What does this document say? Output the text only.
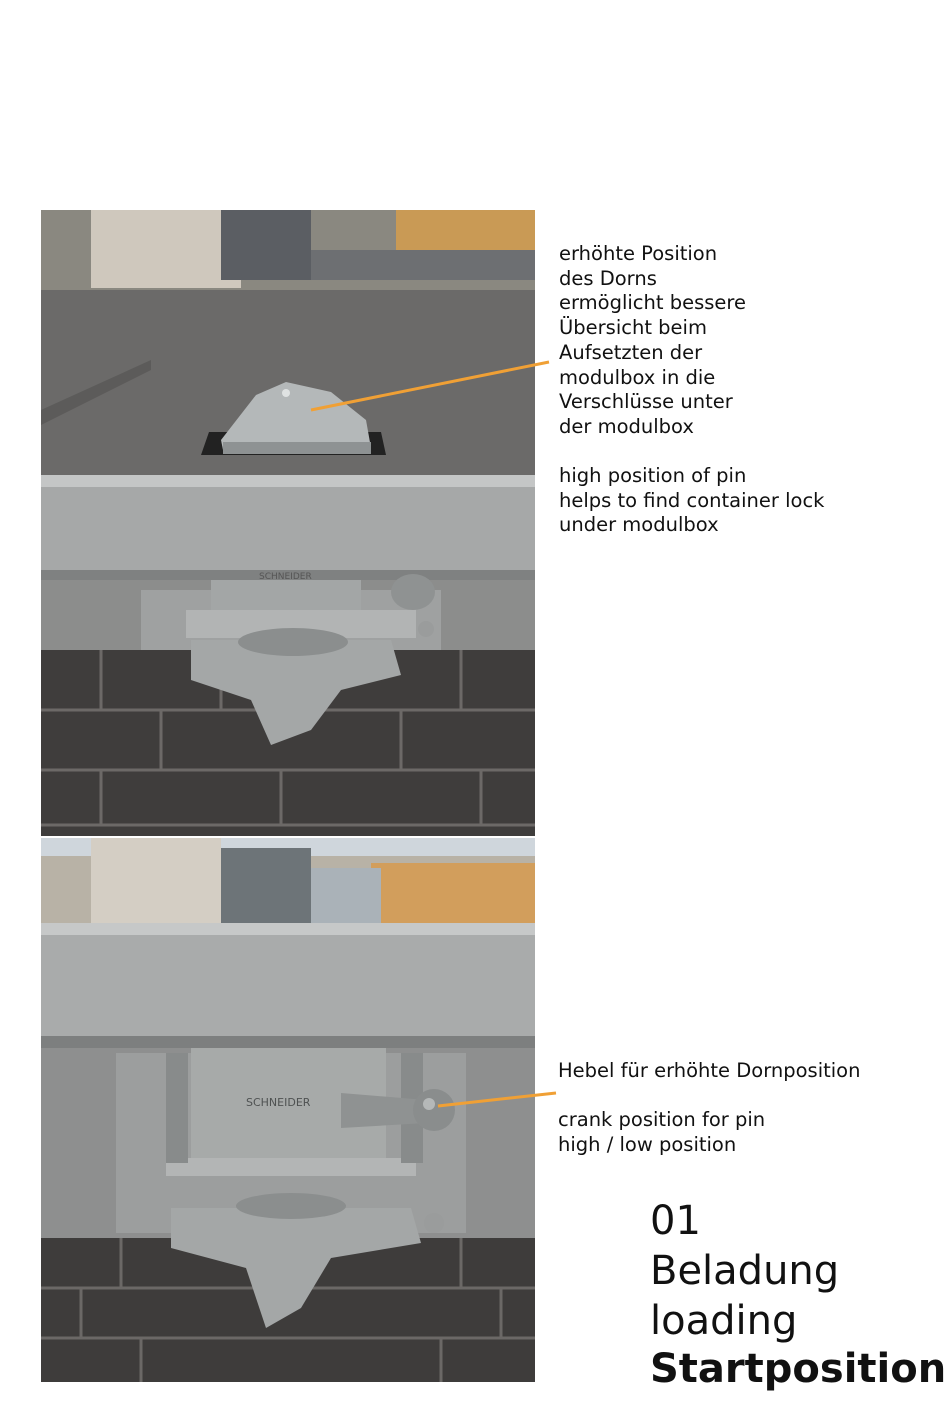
SCHNEIDER
SCHNEIDER
erhöhte Position
des Dorns
ermöglicht bessere
Übersicht beim
Aufsetzten der
modulbox in die
Verschlüsse unter
der modulbox
high position of pin
helps to find container lock
under modulbox
Hebel für erhöhte Dornposition
crank position for pin
high / low position
01
Beladung
loading
Startposition
